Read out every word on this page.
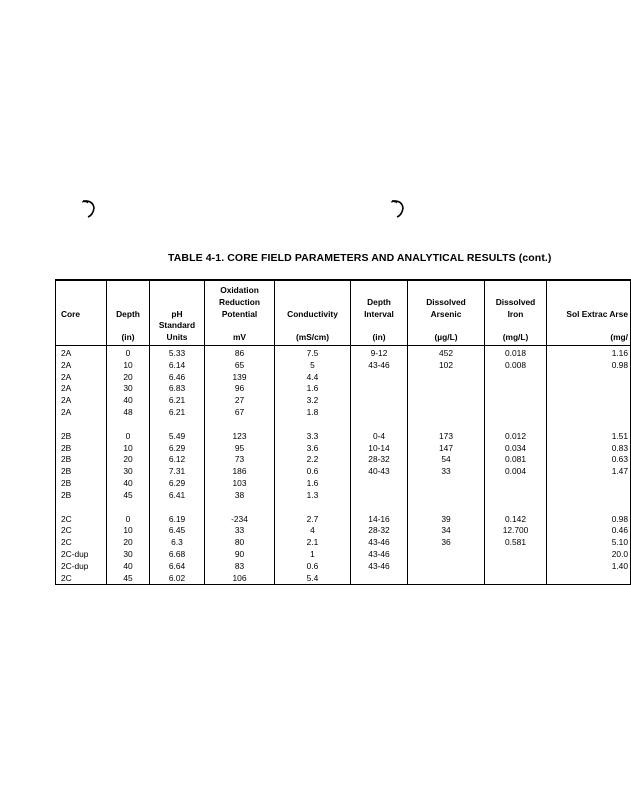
TABLE 4-1. CORE FIELD PARAMETERS AND ANALYTICAL RESULTS (cont.)
Core	Depth	pH	Oxidation Reduction Potential	Conductivity	Depth Interval	Dissolved Arsenic	Dissolved Iron	Sol Extrac Arse
	(in)	Standard Units	mV	(mS/cm)	(in)	(µg/L)	(mg/L)	(mg/
2A	0	5.33	86	7.5	9-12	452	0.018	1.16
2A	10	6.14	65	5	43-46	102	0.008	0.98
2A	20	6.46	139	4.4				
2A	30	6.83	96	1.6				
2A	40	6.21	27	3.2				
2A	48	6.21	67	1.8				

2B	0	5.49	123	3.3	0-4	173	0.012	1.51
2B	10	6.29	95	3.6	10-14	147	0.034	0.83
2B	20	6.12	73	2.2	28-32	54	0.081	0.63
2B	30	7.31	186	0.6	40-43	33	0.004	1.47
2B	40	6.29	103	1.6				
2B	45	6.41	38	1.3				

2C	0	6.19	-234	2.7	14-16	39	0.142	0.98
2C	10	6.45	33	4	28-32	34	12.700	0.46
2C	20	6.3	80	2.1	43-46	36	0.581	5.10
2C-dup	30	6.68	90	1	43-46			20.0
2C-dup	40	6.64	83	0.6	43-46			1.40
2C	45	6.02	106	5.4				
